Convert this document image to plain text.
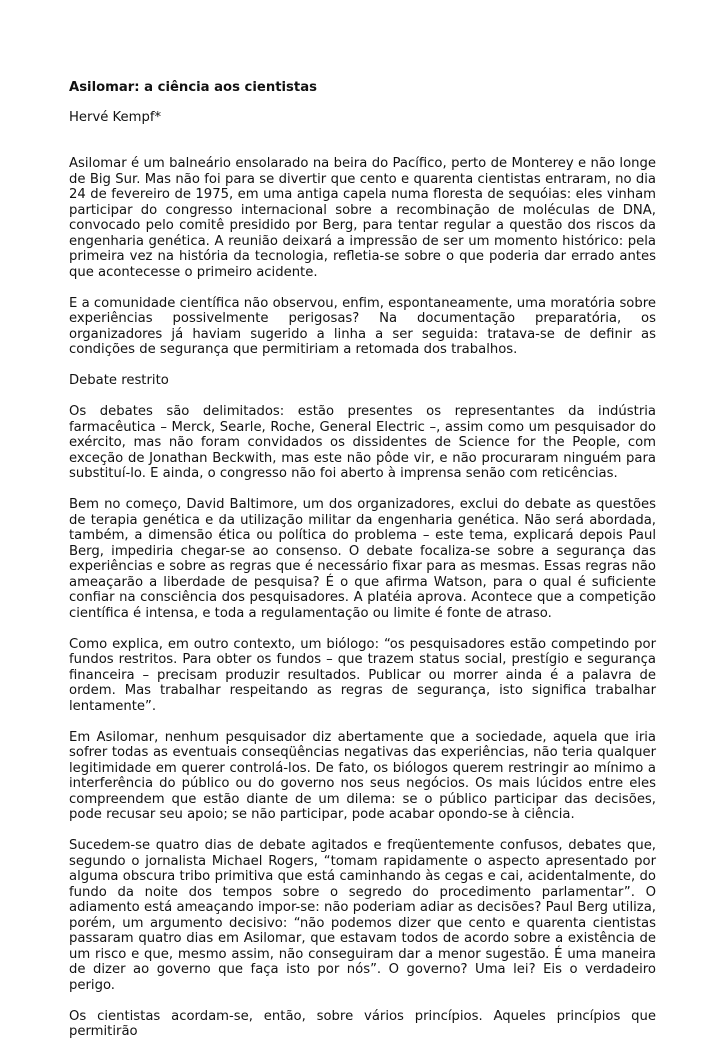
Asilomar: a ciência aos cientistas
Hervé Kempf*

Asilomar é um balneário ensolarado na beira do Pacífico, perto de Monterey e não longe de Big Sur. Mas não foi para se divertir que cento e quarenta cientistas entraram, no dia 24 de fevereiro de 1975, em uma antiga capela numa floresta de sequóias: eles vinham participar do congresso internacional sobre a recombinação de moléculas de DNA, convocado pelo comitê presidido por Berg, para tentar regular a questão dos riscos da engenharia genética. A reunião deixará a impressão de ser um momento histórico: pela primeira vez na história da tecnologia, refletia-se sobre o que poderia dar errado antes que acontecesse o primeiro acidente.

E a comunidade científica não observou, enfim, espontaneamente, uma moratória sobre experiências possivelmente perigosas? Na documentação preparatória, os organizadores já haviam sugerido a linha a ser seguida: tratava-se de definir as condições de segurança que permitiriam a retomada dos trabalhos.

Debate restrito

Os debates são delimitados: estão presentes os representantes da indústria farmacêutica – Merck, Searle, Roche, General Electric –, assim como um pesquisador do exército, mas não foram convidados os dissidentes de Science for the People, com exceção de Jonathan Beckwith, mas este não pôde vir, e não procuraram ninguém para substituí-lo. E ainda, o congresso não foi aberto à imprensa senão com reticências.

Bem no começo, David Baltimore, um dos organizadores, exclui do debate as questões de terapia genética e da utilização militar da engenharia genética. Não será abordada, também, a dimensão ética ou política do problema – este tema, explicará depois Paul Berg, impediria chegar-se ao consenso. O debate focaliza-se sobre a segurança das experiências e sobre as regras que é necessário fixar para as mesmas. Essas regras não ameaçarão a liberdade de pesquisa? É o que afirma Watson, para o qual é suficiente confiar na consciência dos pesquisadores. A platéia aprova. Acontece que a competição científica é intensa, e toda a regulamentação ou limite é fonte de atraso.

Como explica, em outro contexto, um biólogo: “os pesquisadores estão competindo por fundos restritos. Para obter os fundos – que trazem status social, prestígio e segurança financeira – precisam produzir resultados. Publicar ou morrer ainda é a palavra de ordem. Mas trabalhar respeitando as regras de segurança, isto significa trabalhar lentamente”.

Em Asilomar, nenhum pesquisador diz abertamente que a sociedade, aquela que iria sofrer todas as eventuais conseqüências negativas das experiências, não teria qualquer legitimidade em querer controlá-los. De fato, os biólogos querem restringir ao mínimo a interferência do público ou do governo nos seus negócios. Os mais lúcidos entre eles compreendem que estão diante de um dilema: se o público participar das decisões, pode recusar seu apoio; se não participar, pode acabar opondo-se à ciência.

Sucedem-se quatro dias de debate agitados e freqüentemente confusos, debates que, segundo o jornalista Michael Rogers, “tomam rapidamente o aspecto apresentado por alguma obscura tribo primitiva que está caminhando às cegas e cai, acidentalmente, do fundo da noite dos tempos sobre o segredo do procedimento parlamentar”. O adiamento está ameaçando impor-se: não poderiam adiar as decisões? Paul Berg utiliza, porém, um argumento decisivo: “não podemos dizer que cento e quarenta cientistas passaram quatro dias em Asilomar, que estavam todos de acordo sobre a existência de um risco e que, mesmo assim, não conseguiram dar a menor sugestão. É uma maneira de dizer ao governo que faça isto por nós”. O governo? Uma lei? Eis o verdadeiro perigo.

Os cientistas acordam-se, então, sobre vários princípios. Aqueles princípios que permitirão
